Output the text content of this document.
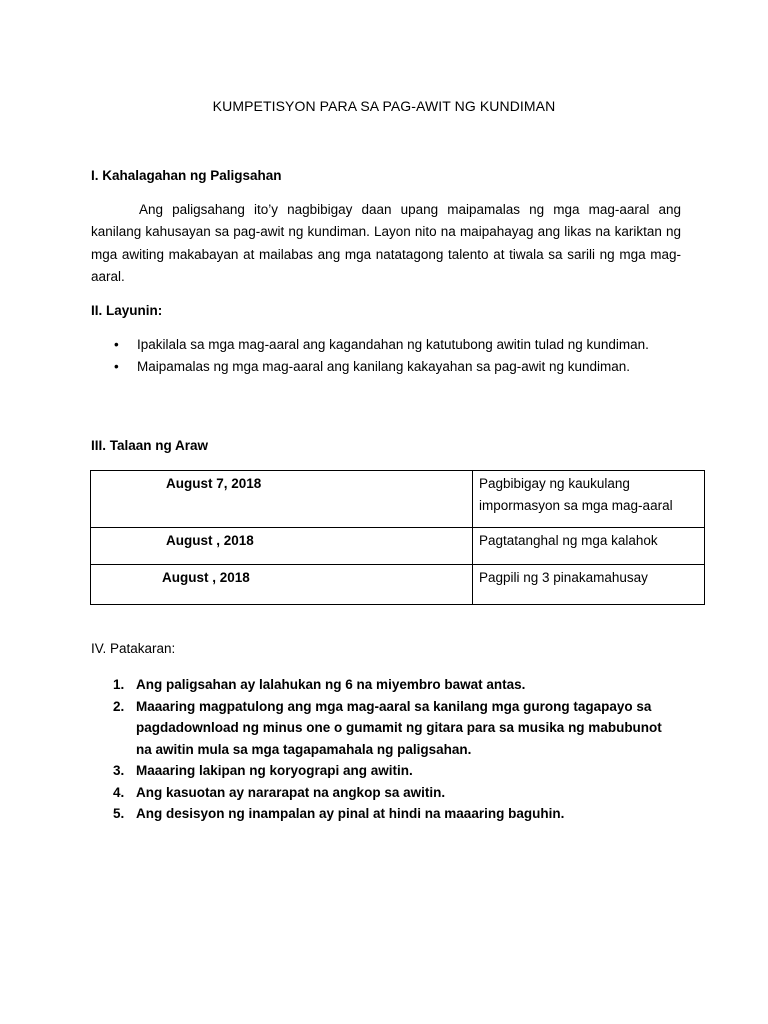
KUMPETISYON PARA SA PAG-AWIT NG KUNDIMAN
I. Kahalagahan ng Paligsahan
Ang paligsahang ito’y nagbibigay daan upang maipamalas ng mga mag-aaral ang kanilang kahusayan sa pag-awit ng kundiman. Layon nito na maipahayag ang likas na kariktan ng mga awiting makabayan at mailabas ang mga natatagong talento at tiwala sa sarili ng mga mag-aaral.
II. Layunin:
• Ipakilala sa mga mag-aaral ang kagandahan ng katutubong awitin tulad ng kundiman.
• Maipamalas ng mga mag-aaral ang kanilang kakayahan sa pag-awit ng kundiman.
III. Talaan ng Araw
August 7, 2018	Pagbibigay ng kaukulang impormasyon sa mga mag-aaral
August , 2018	Pagtatanghal ng mga kalahok
August , 2018	Pagpili ng 3 pinakamahusay
IV. Patakaran:
1. Ang paligsahan ay lalahukan ng 6 na miyembro bawat antas.
2. Maaaring magpatulong ang mga mag-aaral sa kanilang mga gurong tagapayo sa pagdadownload ng minus one o gumamit ng gitara para sa musika ng mabubunot na awitin mula sa mga tagapamahala ng paligsahan.
3. Maaaring lakipan ng koryograpi ang awitin.
4. Ang kasuotan ay nararapat na angkop sa awitin.
5. Ang desisyon ng inampalan ay pinal at hindi na maaaring baguhin.
